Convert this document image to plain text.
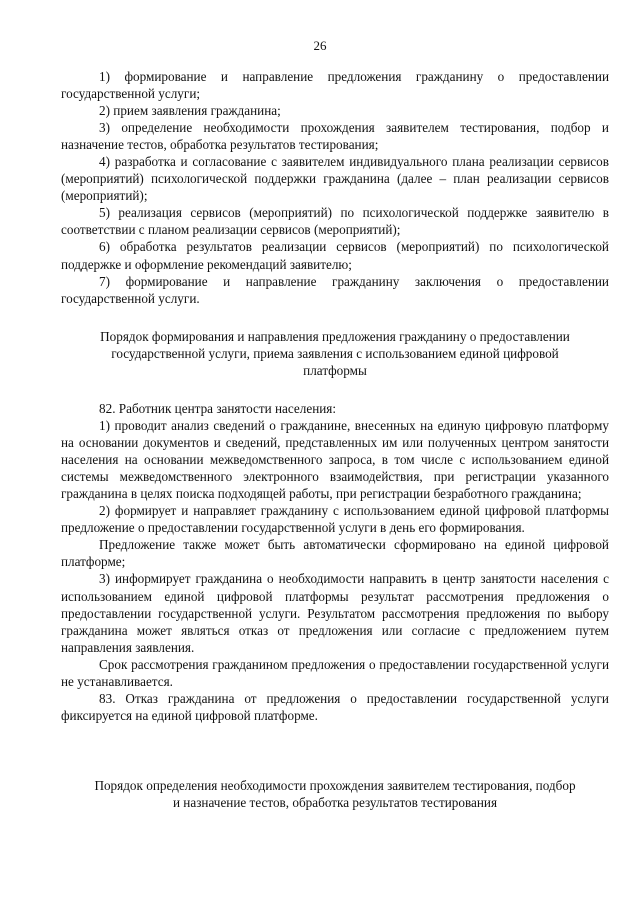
26

1) формирование и направление предложения гражданину о предоставлении государственной услуги;

2) прием заявления гражданина;

3) определение необходимости прохождения заявителем тестирования, подбор и назначение тестов, обработка результатов тестирования;

4) разработка и согласование с заявителем индивидуального плана реализации сервисов (мероприятий) психологической поддержки гражданина (далее – план реализации сервисов (мероприятий);

5) реализация сервисов (мероприятий) по психологической поддержке заявителю в соответствии с планом реализации сервисов (мероприятий);

6) обработка результатов реализации сервисов (мероприятий) по психологической поддержке и оформление рекомендаций заявителю;

7) формирование и направление гражданину заключения о предоставлении государственной услуги.

Порядок формирования и направления предложения гражданину о предоставлении государственной услуги, приема заявления с использованием единой цифровой платформы

82. Работник центра занятости населения:

1) проводит анализ сведений о гражданине, внесенных на единую цифровую платформу на основании документов и сведений, представленных им или полученных центром занятости населения на основании межведомственного запроса, в том числе с использованием единой системы межведомственного электронного взаимодействия, при регистрации указанного гражданина в целях поиска подходящей работы, при регистрации безработного гражданина;

2) формирует и направляет гражданину с использованием единой цифровой платформы предложение о предоставлении государственной услуги в день его формирования.

Предложение также может быть автоматически сформировано на единой цифровой платформе;

3) информирует гражданина о необходимости направить в центр занятости населения с использованием единой цифровой платформы результат рассмотрения предложения о предоставлении государственной услуги. Результатом рассмотрения предложения по выбору гражданина может являться отказ от предложения или согласие с предложением путем направления заявления.

Срок рассмотрения гражданином предложения о предоставлении государственной услуги не устанавливается.

83. Отказ гражданина от предложения о предоставлении государственной услуги фиксируется на единой цифровой платформе.

Порядок определения необходимости прохождения заявителем тестирования, подбор и назначение тестов, обработка результатов тестирования
